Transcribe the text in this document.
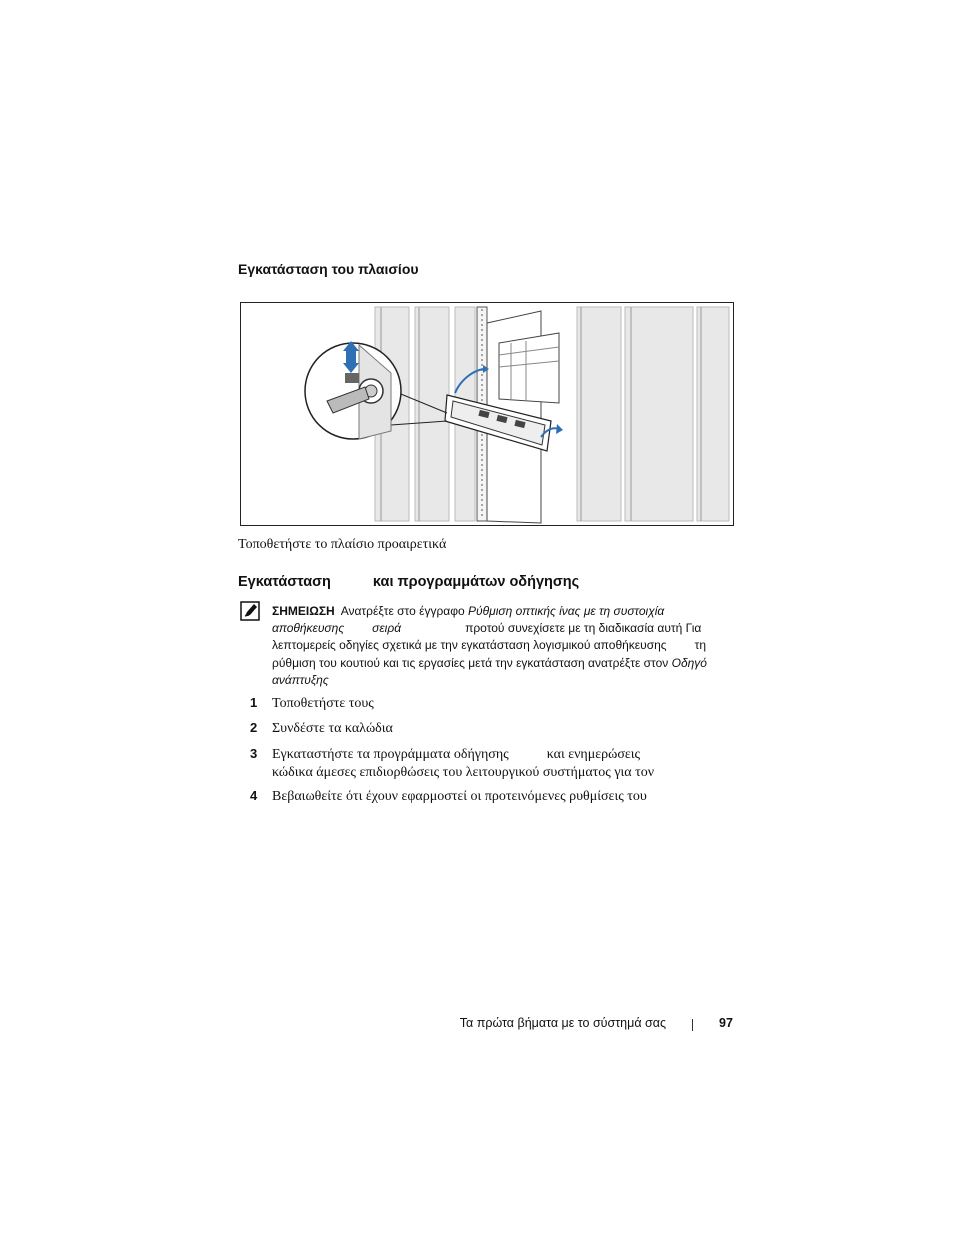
Εγκατάσταση του πλαισίου
Τοποθετήστε το πλαίσιο προαιρετικά
Εγκατάσταση	και προγραμμάτων οδήγησης
ΣΗΜΕΙΩΣΗ Ανατρέξτε στο έγγραφο Ρύθμιση οπτικής ίνας με τη συστοιχία
αποθήκευσης σειρά	προτού συνεχίσετε με τη διαδικασία αυτή Για
λεπτομερείς οδηγίες σχετικά με την εγκατάσταση λογισμικού αποθήκευσης τη
ρύθμιση του κουτιού και τις εργασίες μετά την εγκατάσταση ανατρέξτε στον Οδηγό
ανάπτυξης
1 Τοποθετήστε τους
2 Συνδέστε τα καλώδια
3 Εγκαταστήστε τα προγράμματα οδήγησης	και ενημερώσεις
κώδικα άμεσες επιδιορθώσεις του λειτουργικού συστήματος για τον
4 Βεβαιωθείτε ότι έχουν εφαρμοστεί οι προτεινόμενες ρυθμίσεις του
Τα πρώτα βήματα με το σύστημά σας	97
